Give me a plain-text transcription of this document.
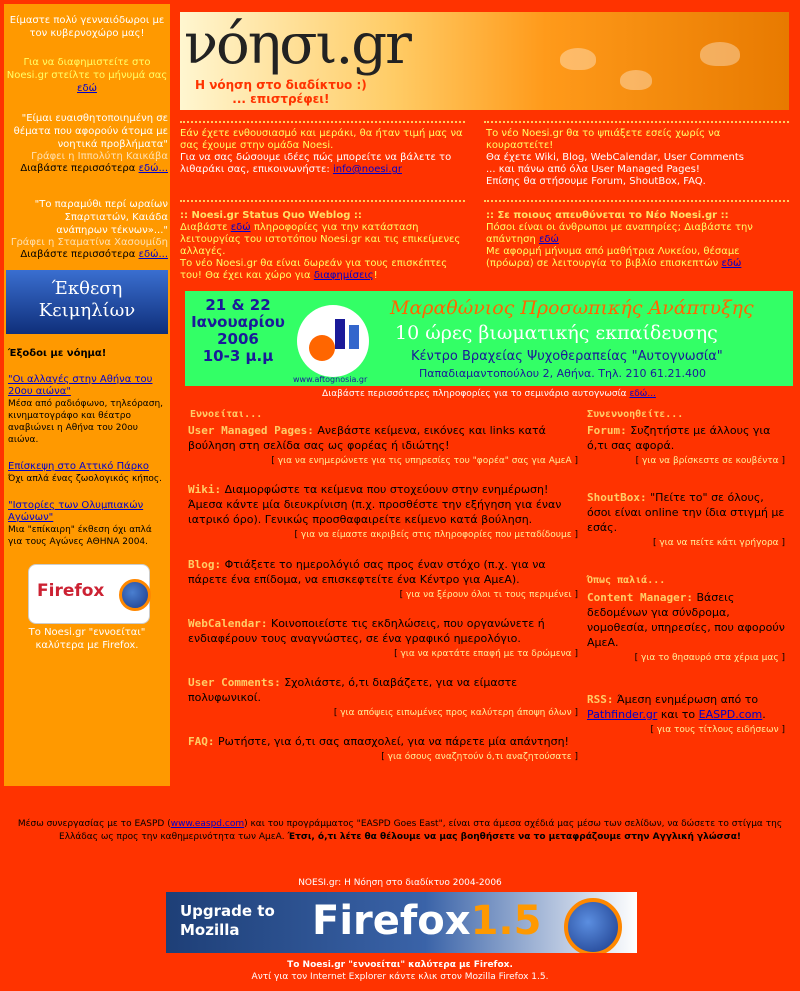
Είμαστε πολύ γενναιόδωροι με τον κυβερνοχώρο μας!
Για να διαφημιστείτε στο Noesi.gr στείλτε το μήνυμά σας εδώ
"Είμαι ευαισθητοποιημένη σε θέματα που αφορούν άτομα με νοητικά προβλήματα"
Γράφει η Ιππολύτη Καικάβα
Διαβάστε περισσότερα εδώ...
"Το παραμύθι περί ωραίων Σπαρτιατών, Καιάδα ανάπηρων τέκνων»..."
Γράφει η Σταματίνα Χασουμίδη
Διαβάστε περισσότερα εδώ...
Έκθεση Κειμηλίων
Έξοδοι με νόημα!
"Οι αλλαγές στην Αθήνα του 20ου αιώνα"
Μέσα από ραδιόφωνο, τηλεόραση, κινηματογράφο και θέατρο αναβιώνει η Αθήνα του 20ου αιώνα.
Επίσκεψη στο Αττικό Πάρκο
Όχι απλά ένας ζωολογικός κήπος.
"Ιστορίες των Ολυμπιακών Αγώνων"
Μια "επίκαιρη" έκθεση όχι απλά για τους Αγώνες ΑΘΗΝΑ 2004.
Firefox
Το Noesi.gr "εννοείται" καλύτερα με Firefox.
νόησι.gr
Η νόηση στο διαδίκτυο :)
... επιστρέφει!
Εάν έχετε ενθουσιασμό και μεράκι, θα ήταν τιμή μας να σας έχουμε στην ομάδα Noesi.
Για να σας δώσουμε ιδέες πώς μπορείτε να βάλετε το λιθαράκι σας, επικοινωνήστε: info@noesi.gr
Το νέο Noesi.gr θα το ψπιάξετε εσείς χωρίς να κουραστείτε!
Θα έχετε Wiki, Blog, WebCalendar, User Comments
... και πάνω από όλα User Managed Pages!
Επίσης θα στήσουμε Forum, ShoutBox, FAQ.
:: Noesi.gr Status Quo Weblog ::
Διαβάστε εδώ πληροφορίες για την κατάσταση λειτουργίας του ιστοτόπου Noesi.gr και τις επικείμενες αλλαγές.
Το νέο Noesi.gr θα είναι δωρεάν για τους επισκέπτες του! Θα έχει και χώρο για διαφημίσεις!
:: Σε ποιους απευθύνεται το Νέο Noesi.gr ::
Πόσοι είναι οι άνθρωποι με αναπηρίες; Διαβάστε την απάντηση εδώ
Με αφορμή μήνυμα από μαθήτρια Λυκείου, θέσαμε (πρόωρα) σε λειτουργία το βιβλίο επισκεπτών εδώ
21 & 22
Ιανουαρίου
2006
10-3 μ.μ
www.aftognosia.gr
Μαραθώνιος Προσωπικής Ανάπτυξης
10 ώρες βιωματικής εκπαίδευσης
Κέντρο Βραχείας Ψυχοθεραπείας "Αυτογνωσία"
Παπαδιαμαντοπούλου 2, Αθήνα. Τηλ. 210 61.21.400
Διαβάστε περισσότερες πληροφορίες για το σεμινάριο αυτογνωσία εδώ...
Εννοείται...	Συνεννοηθείτε...
Όπως παλιά...
User Managed Pages: Ανεβάστε κείμενα, εικόνες και links κατά βούληση στη σελίδα σας ως φορέας ή ιδιώτης!
[ για να ενημερώνετε για τις υπηρεσίες του "φορέα" σας για ΑμεΑ ]
Wiki: Διαμορφώστε τα κείμενα που στοχεύουν στην ενημέρωση! Άμεσα κάντε μία διευκρίνιση (π.χ. προσθέστε την εξήγηση για έναν ιατρικό όρο). Γενικώς προσθαφαιρείτε κείμενο κατά βούληση.
[ για να είμαστε ακριβείς στις πληροφορίες που μεταδίδουμε ]
Blog: Φτιάξετε το ημερολόγιό σας προς έναν στόχο (π.χ. για να πάρετε ένα επίδομα, να επισκεφτείτε ένα Κέντρο για ΑμεΑ).
[ για να ξέρουν όλοι τι τους περιμένει ]
WebCalendar: Κοινοποιείστε τις εκδηλώσεις, που οργανώνετε ή ενδιαφέρουν τους αναγνώστες, σε ένα γραφικό ημερολόγιο.
[ για να κρατάτε επαφή με τα δρώμενα ]
User Comments: Σχολιάστε, ό,τι διαβάζετε, για να είμαστε πολυφωνικοί.
[ για απόψεις ειπωμένες προς καλύτερη άποψη όλων ]
FAQ: Ρωτήστε, για ό,τι σας απασχολεί, για να πάρετε μία απάντηση!
[ για όσους αναζητούν ό,τι αναζητούσατε ]
Forum: Συζητήστε με άλλους για ό,τι σας αφορά.
[ για να βρίσκεστε σε κουβέντα ]
ShoutBox: "Πείτε το" σε όλους, όσοι είναι online την ίδια στιγμή με εσάς.
[ για να πείτε κάτι γρήγορα ]
Content Manager: Βάσεις δεδομένων για σύνδρομα, νομοθεσία, υπηρεσίες, που αφορούν ΑμεΑ.
[ για το θησαυρό στα χέρια μας ]
RSS: Άμεση ενημέρωση από το Pathfinder.gr και το EASPD.com.
[ για τους τίτλους ειδήσεων ]
Μέσω συνεργασίας με το EASPD (www.easpd.com) και του προγράμματος "EASPD Goes East", είναι στα άμεσα σχέδιά μας μέσω των σελίδων, να δώσετε το στίγμα της Ελλάδας ως προς την καθημερινότητα των ΑμεΑ. Έτσι, ό,τι λέτε θα θέλουμε να μας βοηθήσετε να το μεταφράζουμε στην Αγγλική γλώσσα!
NOESI.gr: Η Νόηση στο διαδίκτυο 2004-2006
Upgrade to
Mozilla	Firefox1.5
Το Noesi.gr "εννοείται" καλύτερα με Firefox.
Αντί για τον Internet Explorer κάντε κλικ στον Mozilla Firefox 1.5.
